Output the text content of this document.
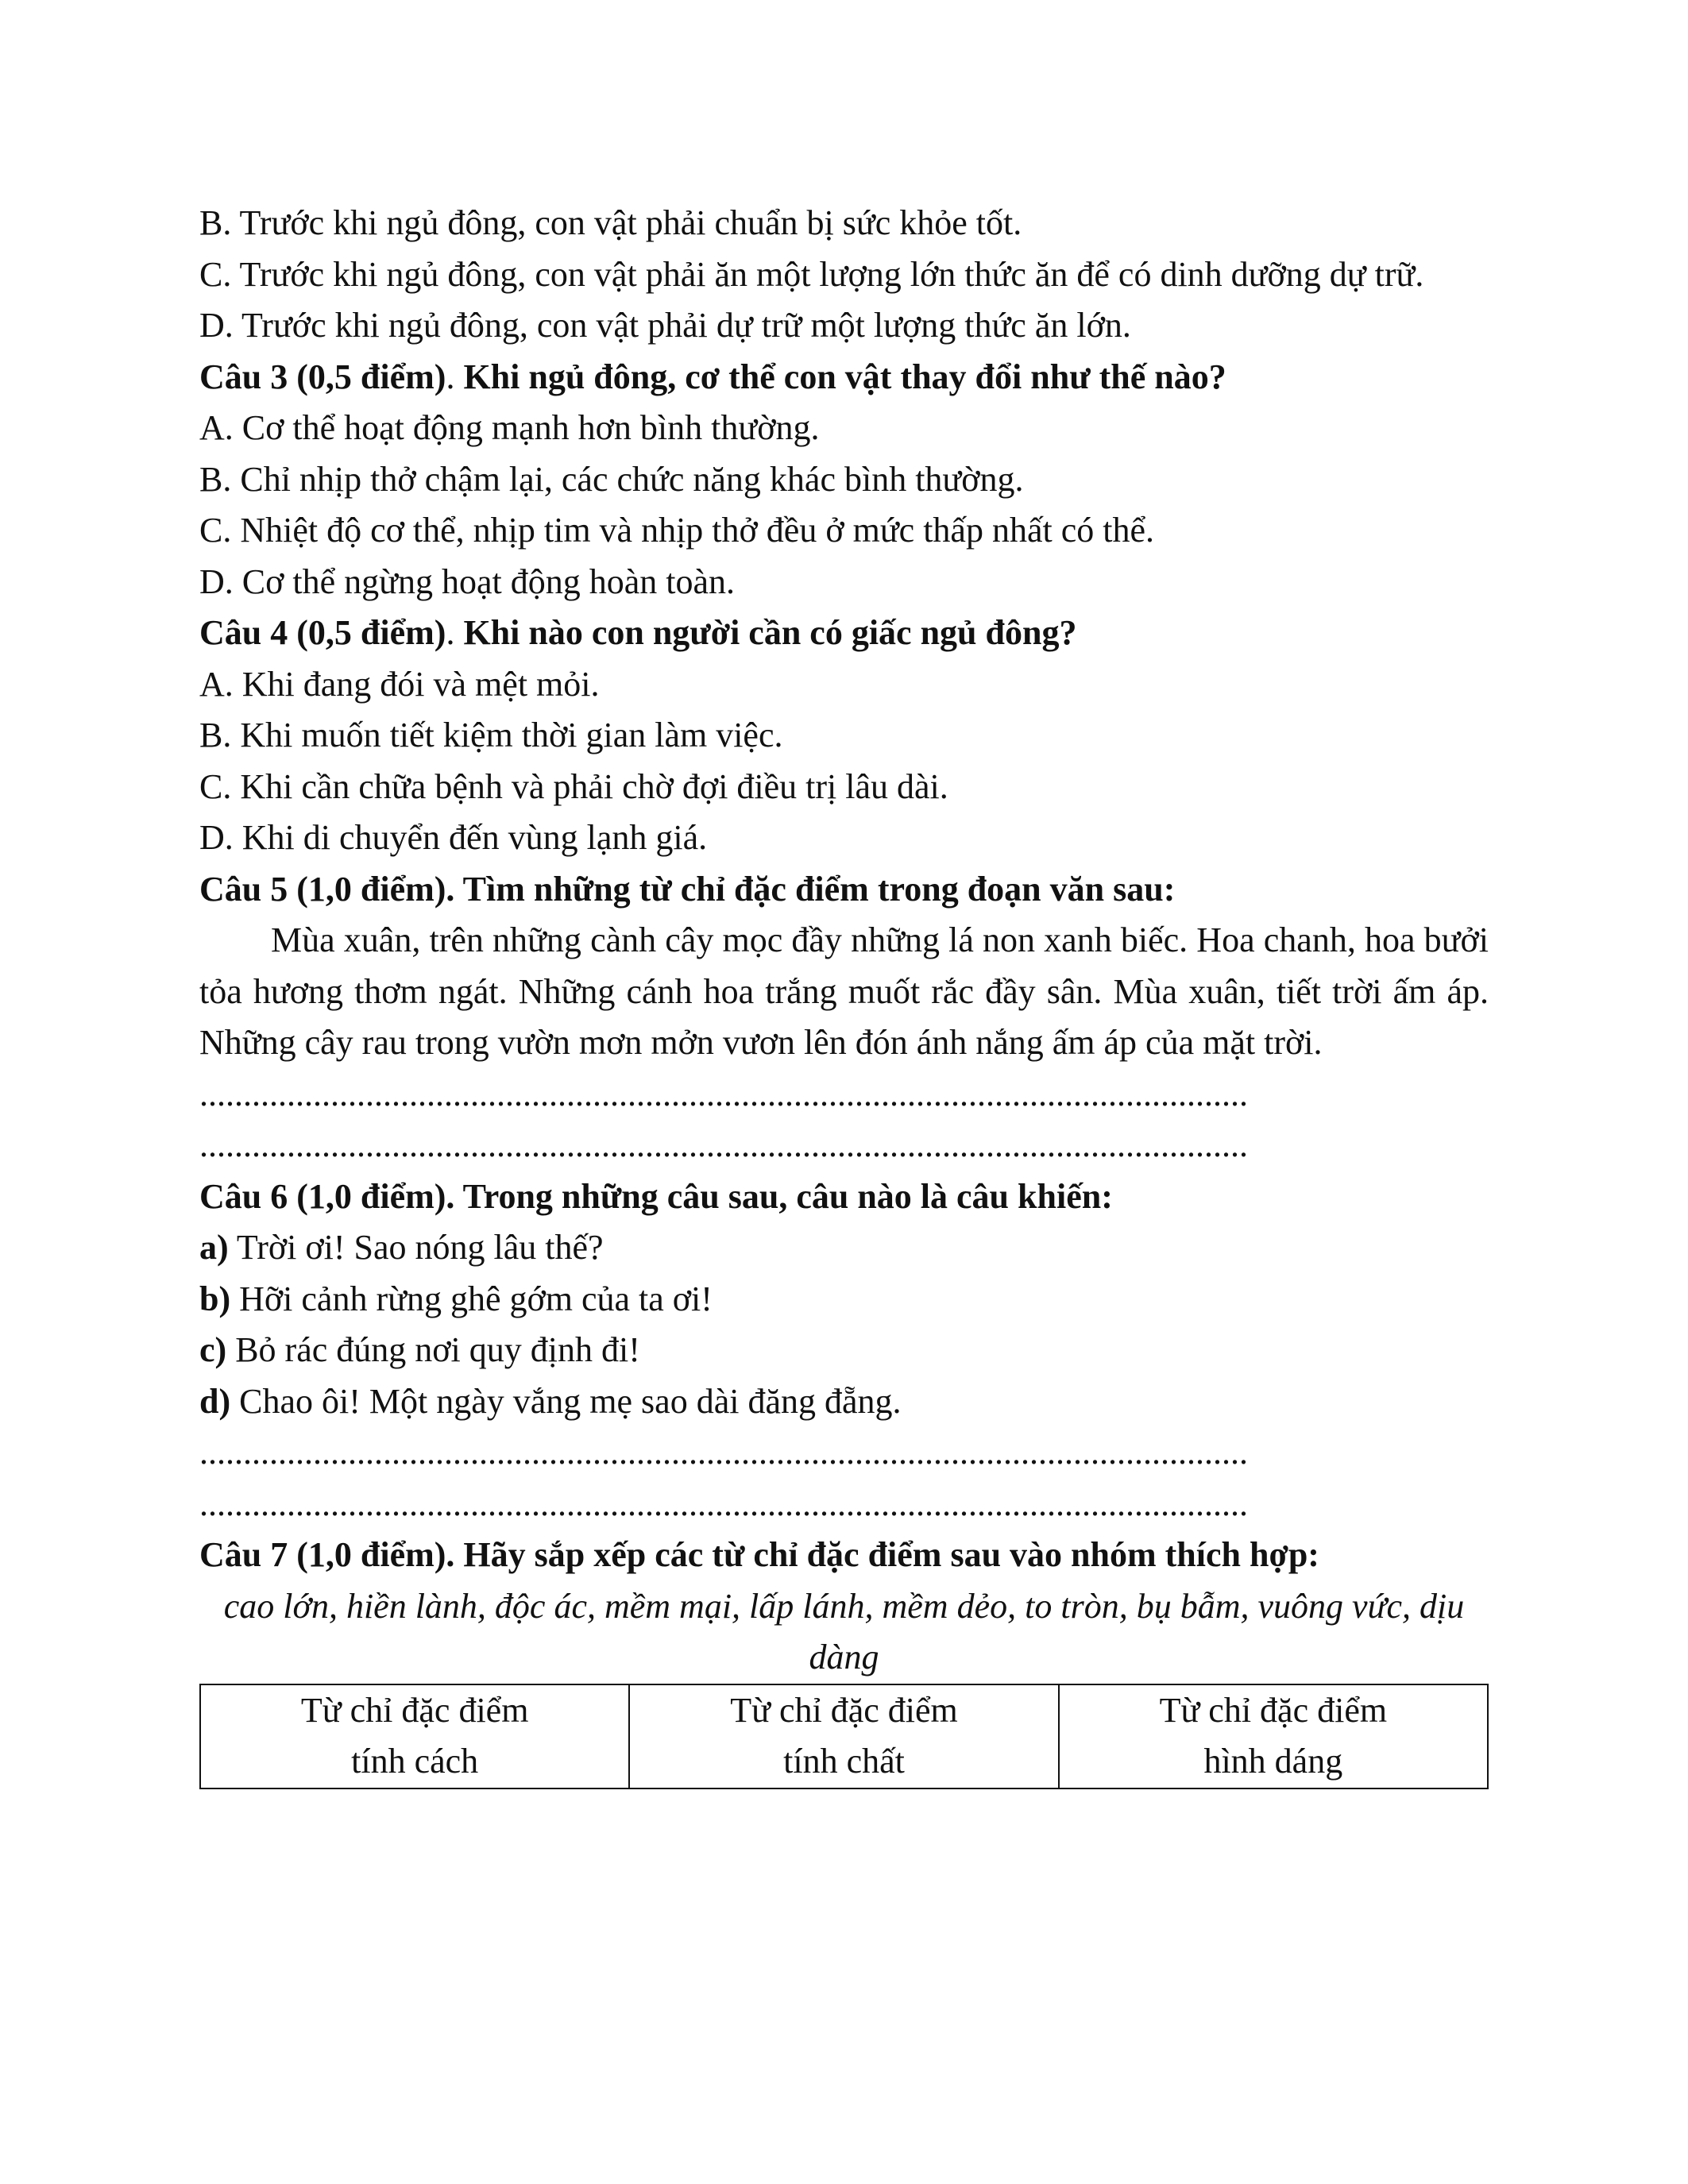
B. Trước khi ngủ đông, con vật phải chuẩn bị sức khỏe tốt.

C. Trước khi ngủ đông, con vật phải ăn một lượng lớn thức ăn để có dinh dưỡng dự trữ.

D. Trước khi ngủ đông, con vật phải dự trữ một lượng thức ăn lớn.

Câu 3 (0,5 điểm). Khi ngủ đông, cơ thể con vật thay đổi như thế nào?

A. Cơ thể hoạt động mạnh hơn bình thường.

B. Chỉ nhịp thở chậm lại, các chức năng khác bình thường.

C. Nhiệt độ cơ thể, nhịp tim và nhịp thở đều ở mức thấp nhất có thể.

D. Cơ thể ngừng hoạt động hoàn toàn.

Câu 4 (0,5 điểm). Khi nào con người cần có giấc ngủ đông?

A. Khi đang đói và mệt mỏi.

B. Khi muốn tiết kiệm thời gian làm việc.

C. Khi cần chữa bệnh và phải chờ đợi điều trị lâu dài.

D. Khi di chuyển đến vùng lạnh giá.

Câu 5 (1,0 điểm). Tìm những từ chỉ đặc điểm trong đoạn văn sau:

Mùa xuân, trên những cành cây mọc đầy những lá non xanh biếc. Hoa chanh, hoa bưởi tỏa hương thơm ngát. Những cánh hoa trắng muốt rắc đầy sân. Mùa xuân, tiết trời ấm áp. Những cây rau trong vườn mơn mởn vươn lên đón ánh nắng ấm áp của mặt trời.

........................................................................................................................

........................................................................................................................

Câu 6 (1,0 điểm). Trong những câu sau, câu nào là câu khiến:

a) Trời ơi! Sao nóng lâu thế?

b) Hỡi cảnh rừng ghê gớm của ta ơi!

c) Bỏ rác đúng nơi quy định đi!

d) Chao ôi! Một ngày vắng mẹ sao dài đăng đẵng.

........................................................................................................................

........................................................................................................................

Câu 7 (1,0 điểm). Hãy sắp xếp các từ chỉ đặc điểm sau vào nhóm thích hợp:

cao lớn, hiền lành, độc ác, mềm mại, lấp lánh, mềm dẻo, to tròn, bụ bẫm, vuông vức, dịu dàng

Từ chỉ đặc điểm
tính cách

Từ chỉ đặc điểm
tính chất

Từ chỉ đặc điểm
hình dáng
